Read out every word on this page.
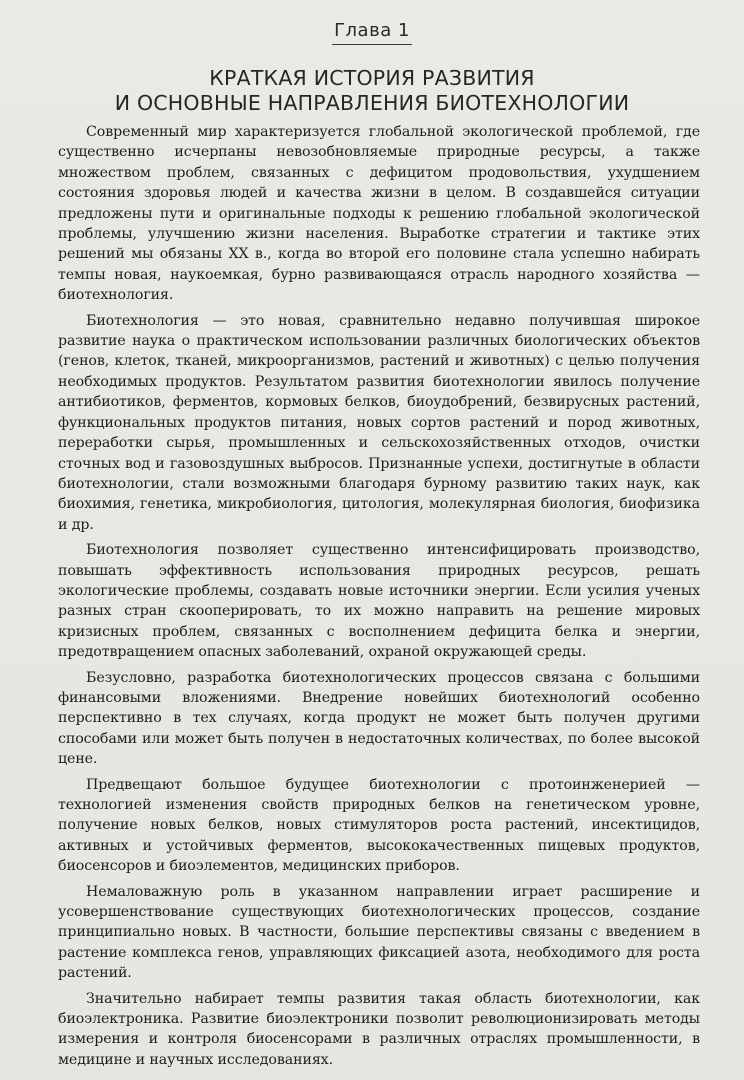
Глава 1
КРАТКАЯ ИСТОРИЯ РАЗВИТИЯ
И ОСНОВНЫЕ НАПРАВЛЕНИЯ БИОТЕХНОЛОГИИ

Современный мир характеризуется глобальной экологической проблемой, где существенно исчерпаны невозобновляемые природные ресурсы, а также множеством проблем, связанных с дефицитом продовольствия, ухудшением состояния здоровья людей и качества жизни в целом. В создавшейся ситуации предложены пути и оригинальные подходы к решению глобальной экологической проблемы, улучшению жизни населения. Выработке стратегии и тактике этих решений мы обязаны XX в., когда во второй его половине стала успешно набирать темпы новая, наукоемкая, бурно развивающаяся отрасль народного хозяйства — биотехнология.

Биотехнология — это новая, сравнительно недавно получившая широкое развитие наука о практическом использовании различных биологических объектов (генов, клеток, тканей, микроорганизмов, растений и животных) с целью получения необходимых продуктов. Результатом развития биотехнологии явилось получение антибиотиков, ферментов, кормовых белков, биоудобрений, безвирусных растений, функциональных продуктов питания, новых сортов растений и пород животных, переработки сырья, промышленных и сельскохозяйственных отходов, очистки сточных вод и газовоздушных выбросов. Признанные успехи, достигнутые в области биотехнологии, стали возможными благодаря бурному развитию таких наук, как биохимия, генетика, микробиология, цитология, молекулярная биология, биофизика и др.

Биотехнология позволяет существенно интенсифицировать производство, повышать эффективность использования природных ресурсов, решать экологические проблемы, создавать новые источники энергии. Если усилия ученых разных стран скооперировать, то их можно направить на решение мировых кризисных проблем, связанных с восполнением дефицита белка и энергии, предотвращением опасных заболеваний, охраной окружающей среды.

Безусловно, разработка биотехнологических процессов связана с большими финансовыми вложениями. Внедрение новейших биотехнологий особенно перспективно в тех случаях, когда продукт не может быть получен другими способами или может быть получен в недостаточных количествах, по более высокой цене.

Предвещают большое будущее биотехнологии с протоинженерией — технологией изменения свойств природных белков на генетическом уровне, получение новых белков, новых стимуляторов роста растений, инсектицидов, активных и устойчивых ферментов, высококачественных пищевых продуктов, биосенсоров и биоэлементов, медицинских приборов.

Немаловажную роль в указанном направлении играет расширение и усовершенствование существующих биотехнологических процессов, создание принципиально новых. В частности, большие перспективы связаны с введением в растение комплекса генов, управляющих фиксацией азота, необходимого для роста растений.

Значительно набирает темпы развития такая область биотехнологии, как биоэлектроника. Развитие биоэлектроники позволит революционизировать методы измерения и контроля биосенсорами в различных отраслях промышленности, в медицине и научных исследованиях.
